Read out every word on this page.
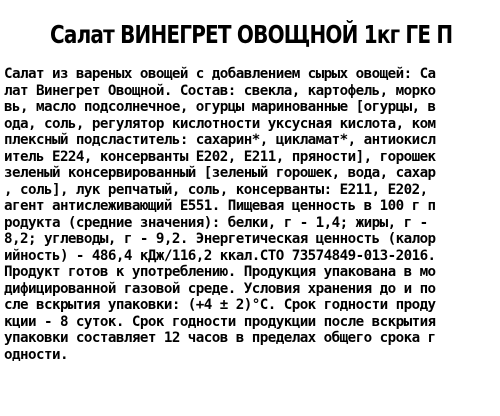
Салат ВИНЕГРЕТ ОВОЩНОЙ 1кг ГЕ П
Салат из вареных овощей с добавлением сырых овощей: Са
лат Винегрет Овощной. Состав: свекла, картофель, морко
вь, масло подсолнечное, огурцы маринованные [огурцы, в
ода, соль, регулятор кислотности уксусная кислота, ком
плексный подсластитель: сахарин*, цикламат*, антиокисл
итель Е224, консерванты Е202, Е211, пряности], горошек
зеленый консервированный [зеленый горошек, вода, сахар
, соль], лук репчатый, соль, консерванты: Е211, Е202,
агент антислеживающий Е551. Пищевая ценность в 100 г п
родукта (средние значения): белки, г - 1,4; жиры, г -
8,2; углеводы, г - 9,2. Энергетическая ценность (калор
ийность) - 486,4 кДж/116,2 ккал.СТО 73574849-013-2016.
Продукт готов к употреблению. Продукция упакована в мо
дифицированной газовой среде. Условия хранения до и по
сле вскрытия упаковки: (+4 ± 2)°С. Срок годности проду
кции - 8 суток. Срок годности продукции после вскрытия
упаковки составляет 12 часов в пределах общего срока г
одности.
